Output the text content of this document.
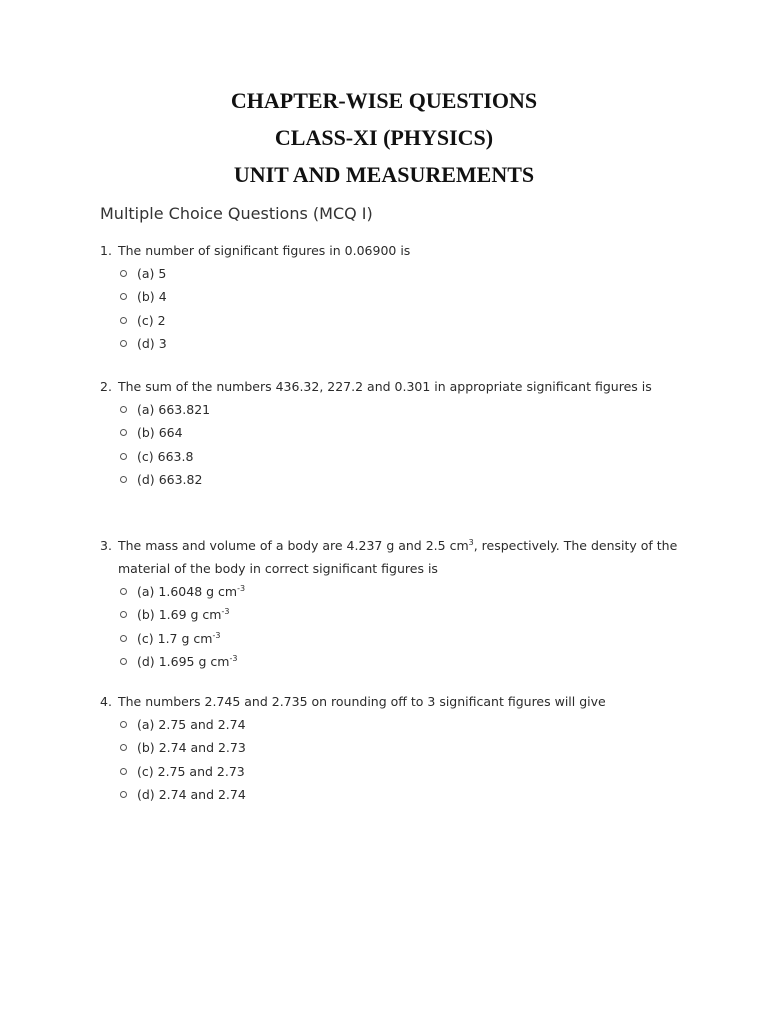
CHAPTER-WISE QUESTIONS
CLASS-XI (PHYSICS)
UNIT AND MEASUREMENTS
Multiple Choice Questions (MCQ I)

1. The number of significant figures in 0.06900 is

(a) 5
(b) 4
(c) 2
(d) 3

2. The sum of the numbers 436.32, 227.2 and 0.301 in appropriate significant figures is

(a) 663.821
(b) 664
(c) 663.8
(d) 663.82

3. The mass and volume of a body are 4.237 g and 2.5 $cm^3$, respectively. The density of the material of the body in correct significant figures is

(a) 1.6048 g $cm^{-3}$
(b) 1.69 g $cm^{-3}$
(c) 1.7 g $cm^{-3}$
(d) 1.695 g $cm^{-3}$

4. The numbers 2.745 and 2.735 on rounding off to 3 significant figures will give

(a) 2.75 and 2.74
(b) 2.74 and 2.73
(c) 2.75 and 2.73
(d) 2.74 and 2.74
